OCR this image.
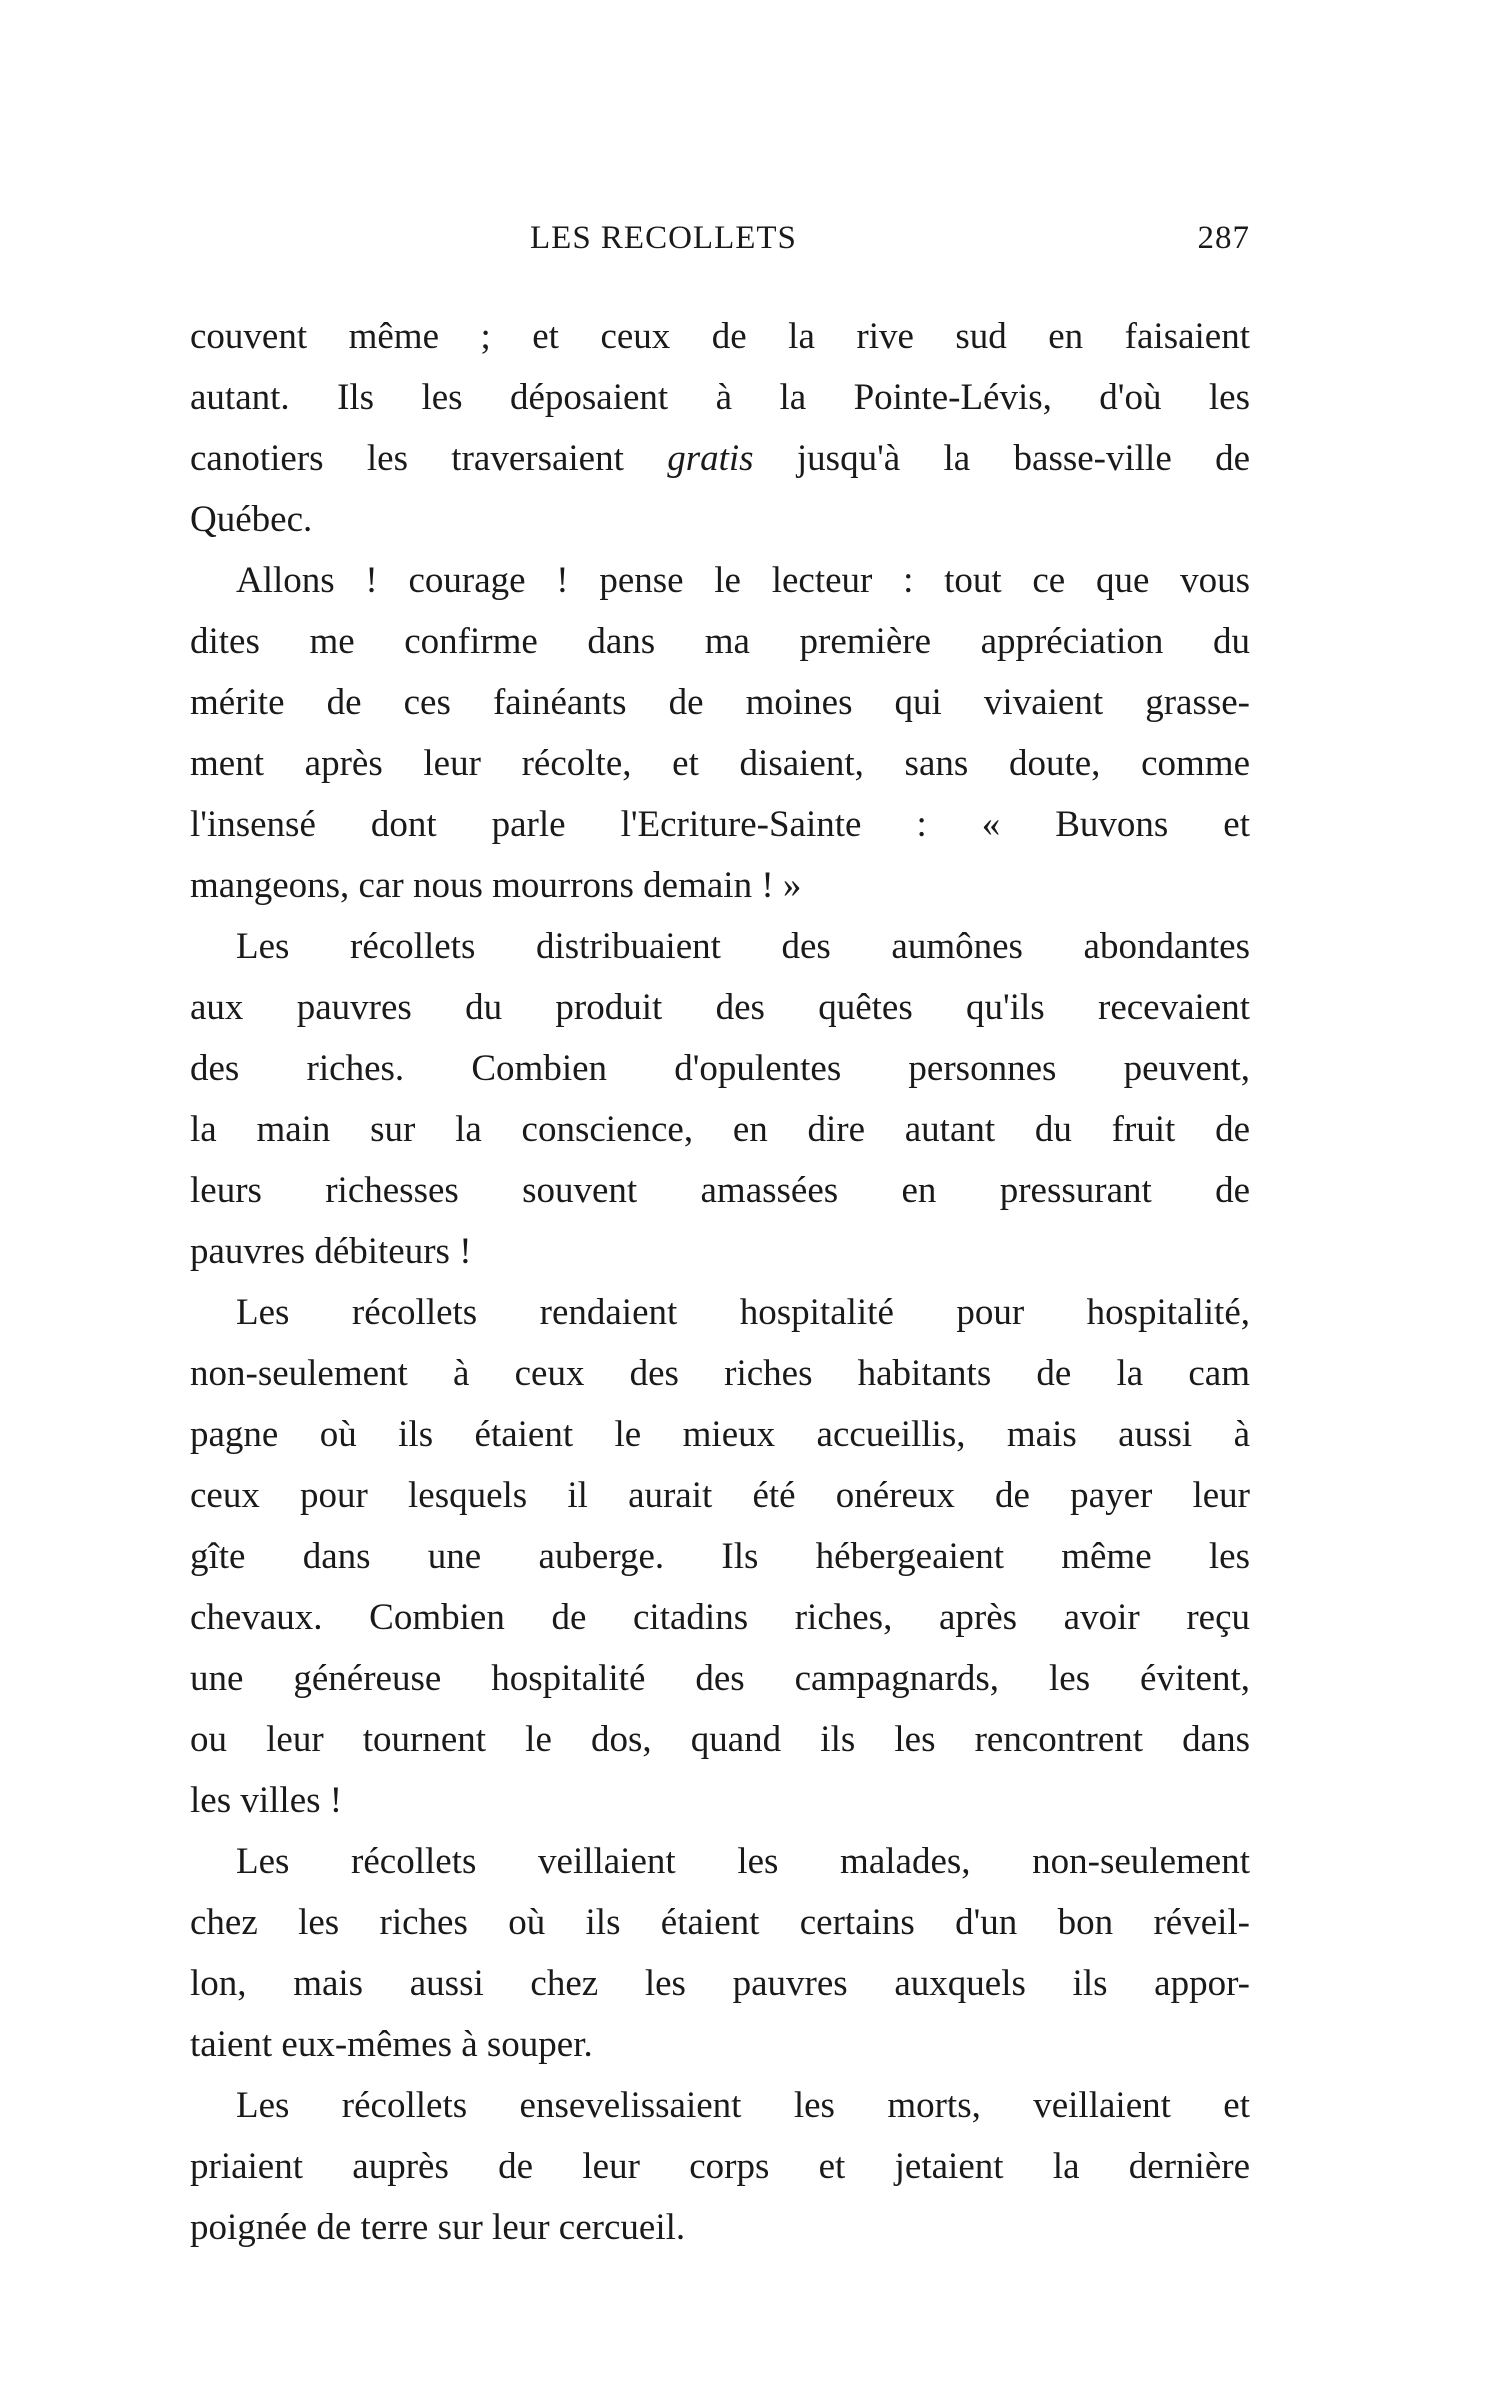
LES RECOLLETS	287
couvent même ; et ceux de la rive sud en faisaient
autant. Ils les déposaient à la Pointe-Lévis, d'où les
canotiers les traversaient gratis jusqu'à la basse-ville de
Québec.
Allons ! courage ! pense le lecteur : tout ce que vous
dites me confirme dans ma première appréciation du
mérite de ces fainéants de moines qui vivaient grasse-
ment après leur récolte, et disaient, sans doute, comme
l'insensé dont parle l'Ecriture-Sainte : « Buvons et
mangeons, car nous mourrons demain ! »
Les récollets distribuaient des aumônes abondantes
aux pauvres du produit des quêtes qu'ils recevaient
des riches. Combien d'opulentes personnes peuvent,
la main sur la conscience, en dire autant du fruit de
leurs richesses souvent amassées en pressurant de
pauvres débiteurs !
Les récollets rendaient hospitalité pour hospitalité,
non-seulement à ceux des riches habitants de la cam
pagne où ils étaient le mieux accueillis, mais aussi à
ceux pour lesquels il aurait été onéreux de payer leur
gîte dans une auberge. Ils hébergeaient même les
chevaux. Combien de citadins riches, après avoir reçu
une généreuse hospitalité des campagnards, les évitent,
ou leur tournent le dos, quand ils les rencontrent dans
les villes !
Les récollets veillaient les malades, non-seulement
chez les riches où ils étaient certains d'un bon réveil-
lon, mais aussi chez les pauvres auxquels ils appor-
taient eux-mêmes à souper.
Les récollets ensevelissaient les morts, veillaient et
priaient auprès de leur corps et jetaient la dernière
poignée de terre sur leur cercueil.
